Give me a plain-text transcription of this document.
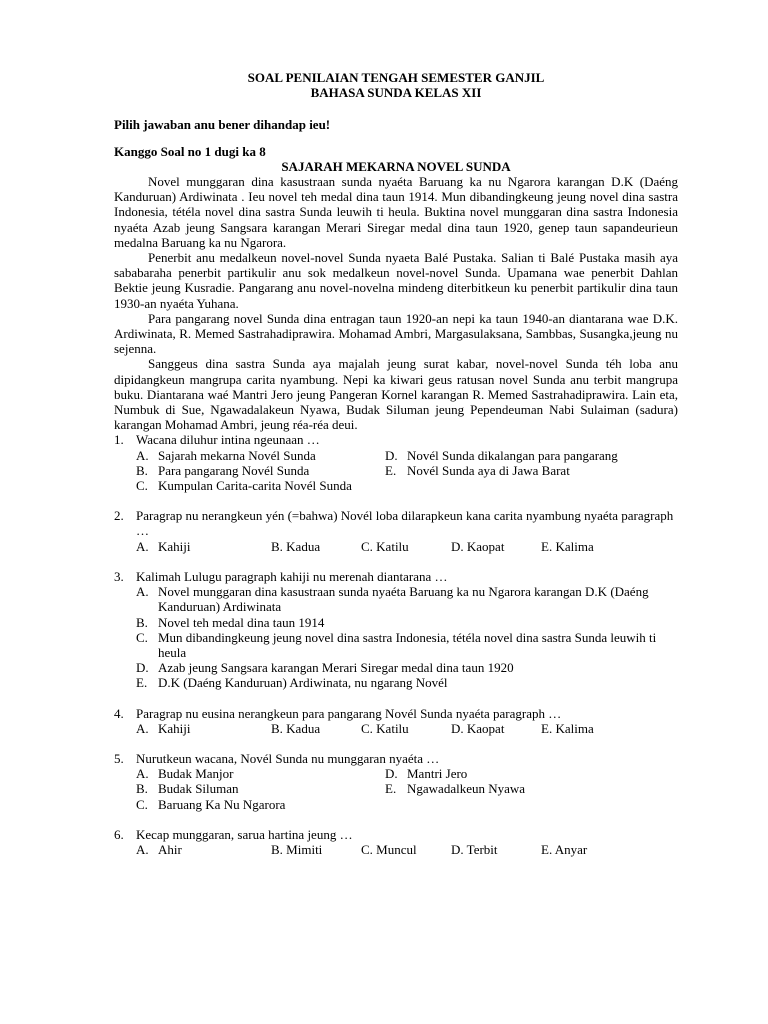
SOAL PENILAIAN TENGAH SEMESTER GANJIL
BAHASA SUNDA KELAS XII
Pilih jawaban anu bener dihandap ieu!
Kanggo Soal no 1 dugi ka 8
SAJARAH MEKARNA NOVEL SUNDA

Novel munggaran dina kasustraan sunda nyaéta Baruang ka nu Ngarora karangan D.K (Daéng Kanduruan) Ardiwinata . Ieu novel teh medal dina taun 1914. Mun dibandingkeung jeung novel dina sastra Indonesia, tétéla novel dina sastra Sunda leuwih ti heula. Buktina novel munggaran dina sastra Indonesia nyaéta Azab jeung Sangsara karangan Merari Siregar medal dina taun 1920, genep taun sapandeurieun medalna Baruang ka nu Ngarora.

Penerbit anu medalkeun novel-novel Sunda nyaeta Balé Pustaka. Salian ti Balé Pustaka masih aya sababaraha penerbit partikulir anu sok medalkeun novel-novel Sunda. Upamana wae penerbit Dahlan Bektie jeung Kusradie. Pangarang anu novel-novelna mindeng diterbitkeun ku penerbit partikulir dina taun 1930-an nyaéta Yuhana.

Para pangarang novel Sunda dina entragan taun 1920-an nepi ka taun 1940-an diantarana wae D.K. Ardiwinata, R. Memed Sastrahadiprawira. Mohamad Ambri, Margasulaksana, Sambbas, Susangka,jeung nu sejenna.

Sanggeus dina sastra Sunda aya majalah jeung surat kabar, novel-novel Sunda téh loba anu dipidangkeun mangrupa carita nyambung. Nepi ka kiwari geus ratusan novel Sunda anu terbit mangrupa buku. Diantarana waé Mantri Jero jeung Pangeran Kornel karangan R. Memed Sastrahadiprawira. Lain eta, Numbuk di Sue, Ngawadalakeun Nyawa, Budak Siluman jeung Pependeuman Nabi Sulaiman (sadura) karangan Mohamad Ambri, jeung réa-réa deui.

1. Wacana diluhur intina ngeunaan …
A. Sajarah mekarna Novél Sunda
B. Para pangarang Novél Sunda
C. Kumpulan Carita-carita Novél Sunda
D. Novél Sunda dikalangan para pangarang
E. Novél Sunda aya di Jawa Barat
2. Paragrap nu nerangkeun yén (=bahwa) Novél loba dilarapkeun kana carita nyambung nyaéta paragraph …
A. Kahiji	B. Kadua	C. Katilu	D. Kaopat	E. Kalima
3. Kalimah Lulugu paragraph kahiji nu merenah diantarana …
A. Novel munggaran dina kasustraan sunda nyaéta Baruang ka nu Ngarora karangan D.K (Daéng Kanduruan) Ardiwinata
B. Novel teh medal dina taun 1914
C. Mun dibandingkeung jeung novel dina sastra Indonesia, tétéla novel dina sastra Sunda leuwih ti heula
D. Azab jeung Sangsara karangan Merari Siregar medal dina taun 1920
E. D.K (Daéng Kanduruan) Ardiwinata, nu ngarang Novél
4. Paragrap nu eusina nerangkeun para pangarang Novél Sunda nyaéta paragraph …
A. Kahiji	B. Kadua	C. Katilu	D. Kaopat	E. Kalima
5. Nurutkeun wacana, Novél Sunda nu munggaran nyaéta …
A. Budak Manjor
B. Budak Siluman
C. Baruang Ka Nu Ngarora
D. Mantri Jero
E. Ngawadalkeun Nyawa
6. Kecap munggaran, sarua hartina jeung …
A. Ahir	B. Mimiti	C. Muncul	D. Terbit	E. Anyar
